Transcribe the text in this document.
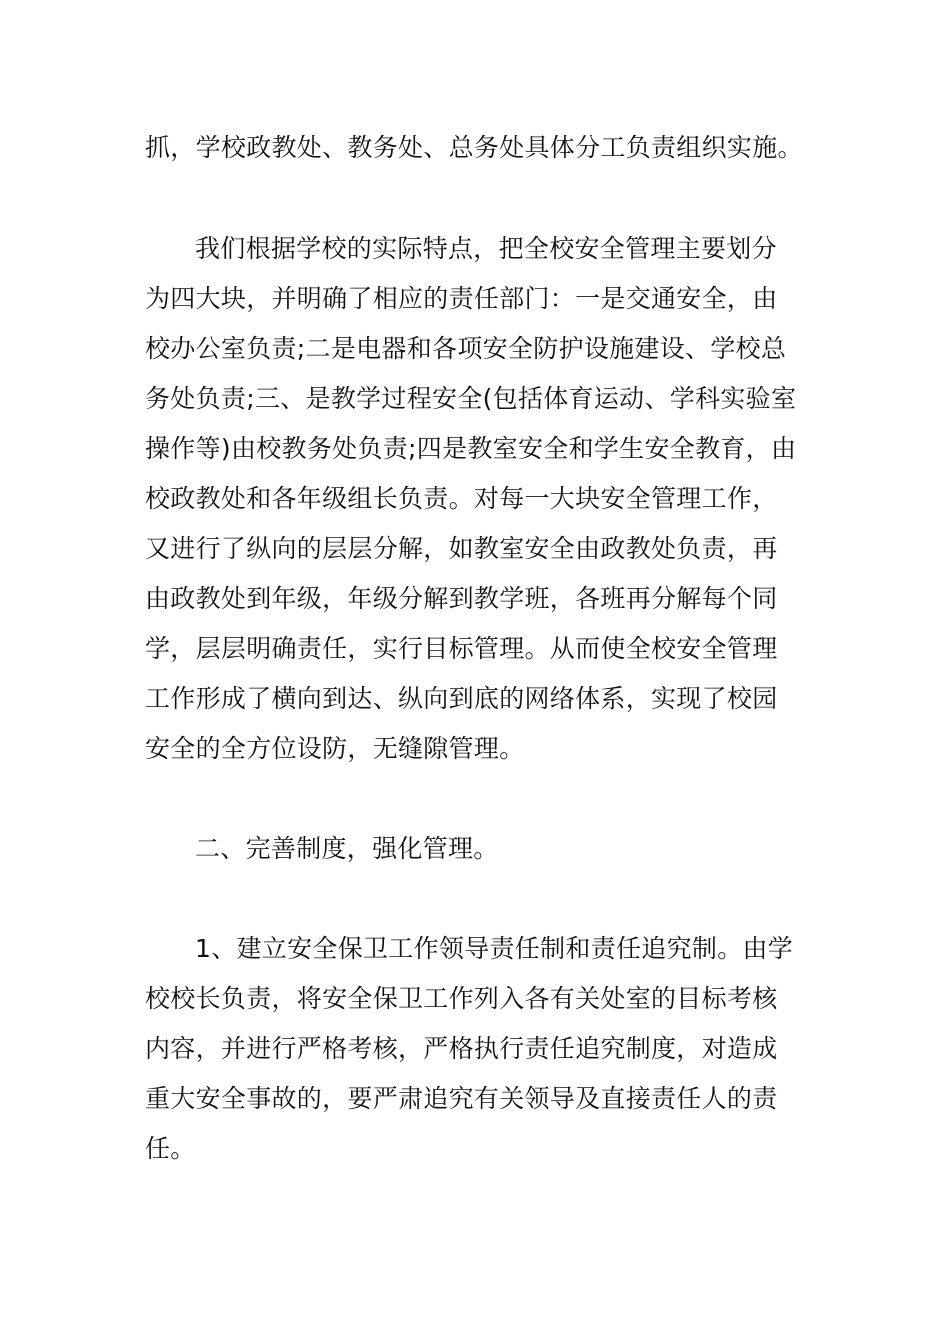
抓，学校政教处、教务处、总务处具体分工负责组织实施。
我们根据学校的实际特点，把全校安全管理主要划分
为四大块，并明确了相应的责任部门：一是交通安全，由
校办公室负责;二是电器和各项安全防护设施建设、学校总
务处负责;三、是教学过程安全(包括体育运动、学科实验室
操作等)由校教务处负责;四是教室安全和学生安全教育，由
校政教处和各年级组长负责。对每一大块安全管理工作，
又进行了纵向的层层分解，如教室安全由政教处负责，再
由政教处到年级，年级分解到教学班，各班再分解每个同
学，层层明确责任，实行目标管理。从而使全校安全管理
工作形成了横向到达、纵向到底的网络体系，实现了校园
安全的全方位设防，无缝隙管理。
二、完善制度，强化管理。
1、建立安全保卫工作领导责任制和责任追究制。由学
校校长负责，将安全保卫工作列入各有关处室的目标考核
内容，并进行严格考核，严格执行责任追究制度，对造成
重大安全事故的，要严肃追究有关领导及直接责任人的责
任。
